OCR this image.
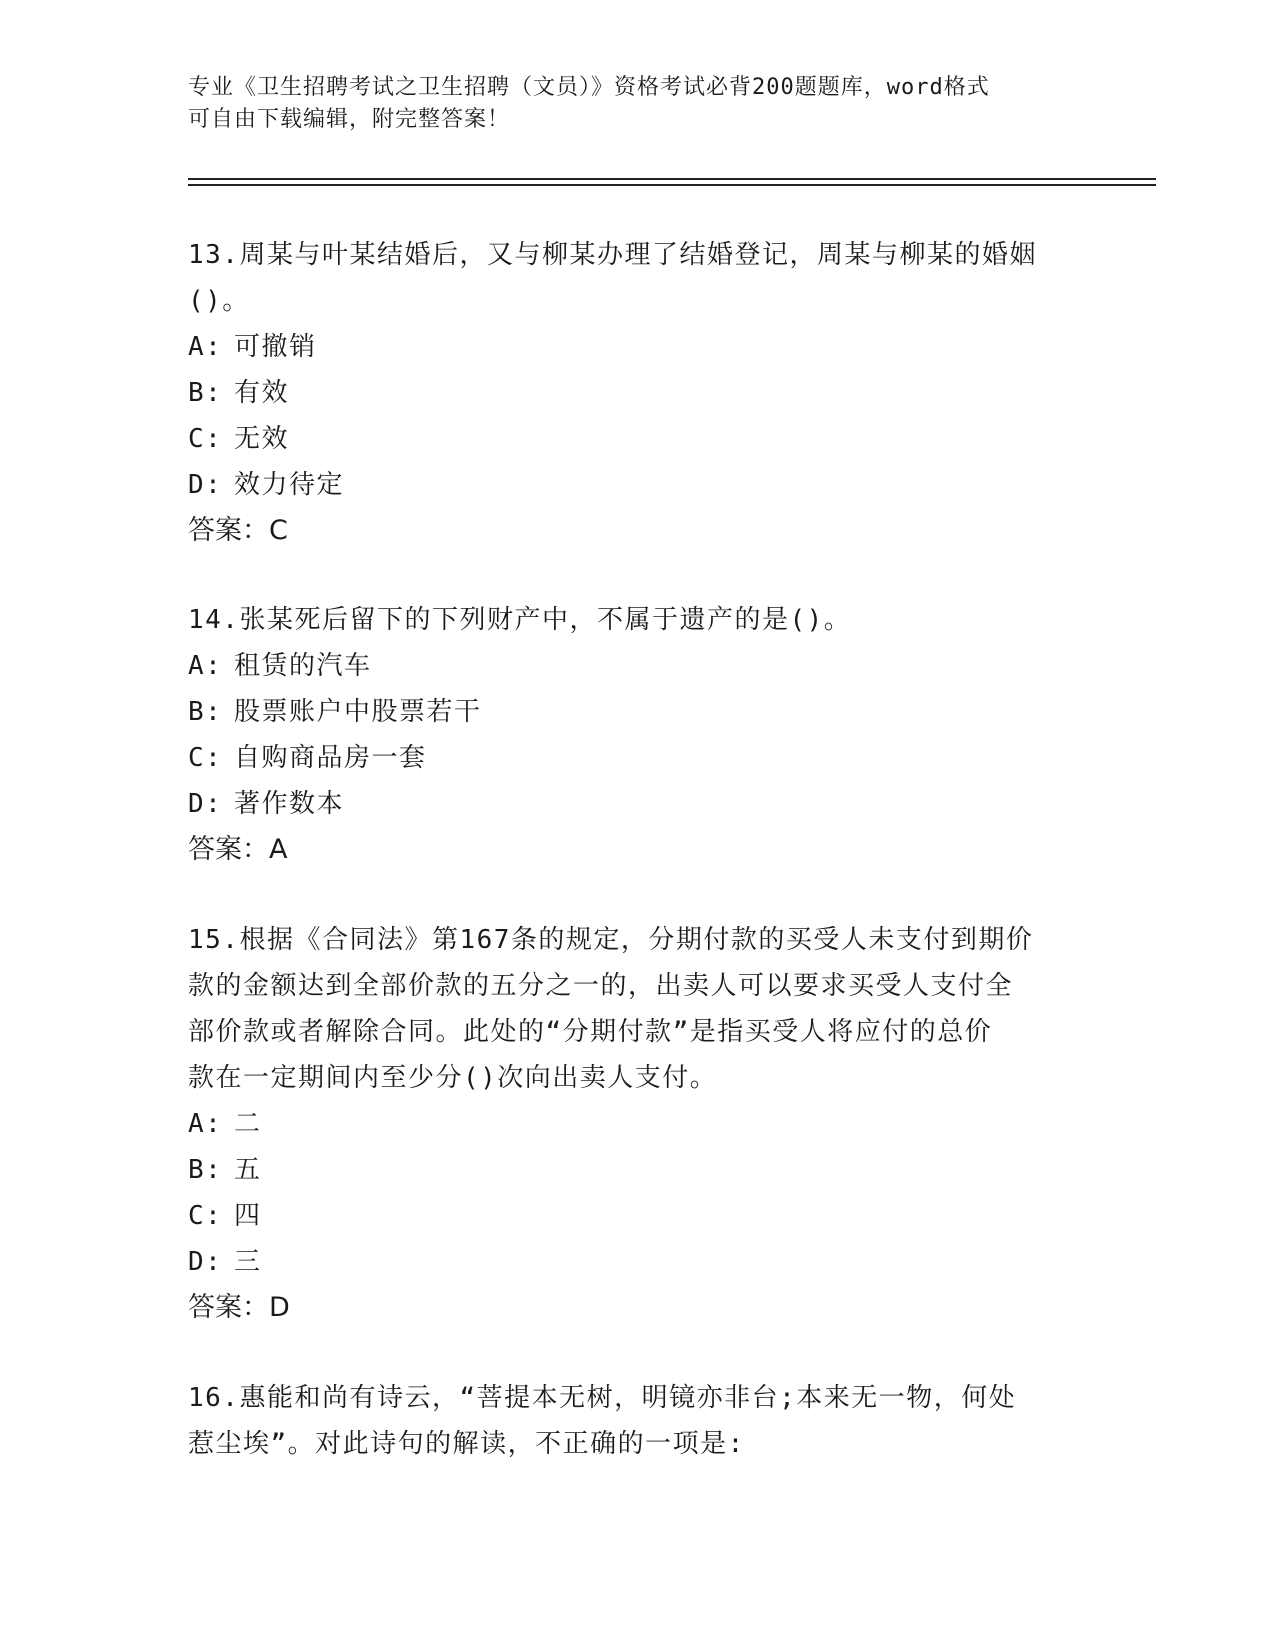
专业《卫生招聘考试之卫生招聘（文员）》资格考试必背200题题库，word格式
可自由下载编辑，附完整答案！

13.周某与叶某结婚后，又与柳某办理了结婚登记，周某与柳某的婚姻

()。

A: 可撤销

B: 有效

C: 无效

D: 效力待定

答案：C

14.张某死后留下的下列财产中，不属于遗产的是()。

A: 租赁的汽车

B: 股票账户中股票若干

C: 自购商品房一套

D: 著作数本

答案：A

15.根据《合同法》第167条的规定，分期付款的买受人未支付到期价

款的金额达到全部价款的五分之一的，出卖人可以要求买受人支付全

部价款或者解除合同。此处的“分期付款”是指买受人将应付的总价

款在一定期间内至少分()次向出卖人支付。

A: 二

B: 五

C: 四

D: 三

答案：D

16.惠能和尚有诗云，“菩提本无树，明镜亦非台;本来无一物，何处

惹尘埃”。对此诗句的解读，不正确的一项是:
